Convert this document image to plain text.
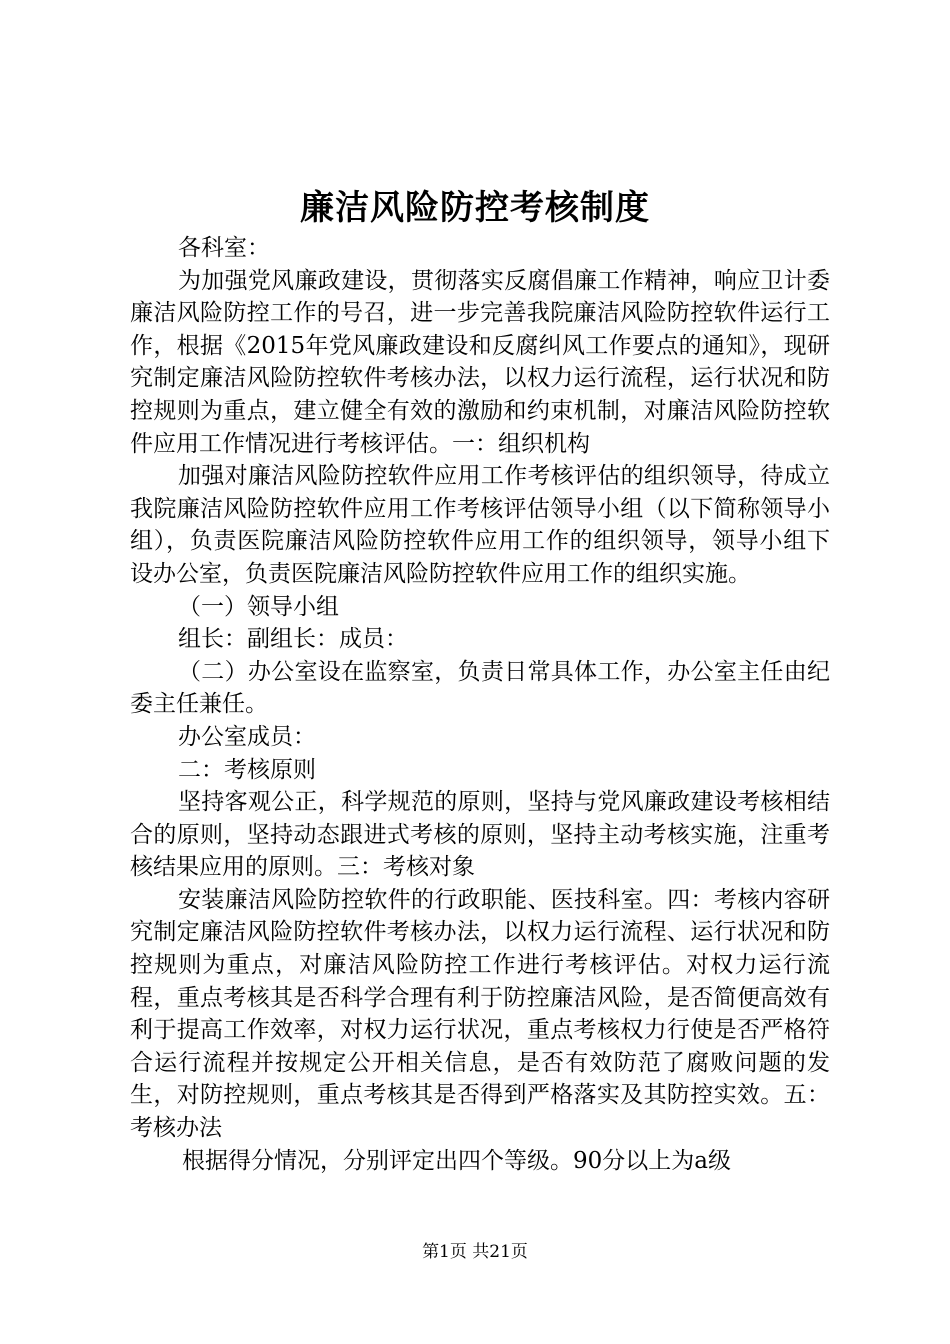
廉洁风险防控考核制度

各科室：

为加强党风廉政建设，贯彻落实反腐倡廉工作精神，响应卫计委廉洁风险防控工作的号召，进一步完善我院廉洁风险防控软件运行工作，根据《2015年党风廉政建设和反腐纠风工作要点的通知》，现研究制定廉洁风险防控软件考核办法，以权力运行流程，运行状况和防控规则为重点，建立健全有效的激励和约束机制，对廉洁风险防控软件应用工作情况进行考核评估。一：组织机构

加强对廉洁风险防控软件应用工作考核评估的组织领导，待成立我院廉洁风险防控软件应用工作考核评估领导小组（以下简称领导小组），负责医院廉洁风险防控软件应用工作的组织领导，领导小组下设办公室，负责医院廉洁风险防控软件应用工作的组织实施。

（一）领导小组

组长：副组长：成员：

（二）办公室设在监察室，负责日常具体工作，办公室主任由纪委主任兼任。

办公室成员：

二：考核原则

坚持客观公正，科学规范的原则，坚持与党风廉政建设考核相结合的原则，坚持动态跟进式考核的原则，坚持主动考核实施，注重考核结果应用的原则。三：考核对象

安装廉洁风险防控软件的行政职能、医技科室。四：考核内容研究制定廉洁风险防控软件考核办法，以权力运行流程、运行状况和防控规则为重点，对廉洁风险防控工作进行考核评估。对权力运行流程，重点考核其是否科学合理有利于防控廉洁风险，是否简便高效有利于提高工作效率，对权力运行状况，重点考核权力行使是否严格符合运行流程并按规定公开相关信息，是否有效防范了腐败问题的发生，对防控规则，重点考核其是否得到严格落实及其防控实效。五：考核办法

根据得分情况，分别评定出四个等级。90分以上为a级

第1页 共21页
